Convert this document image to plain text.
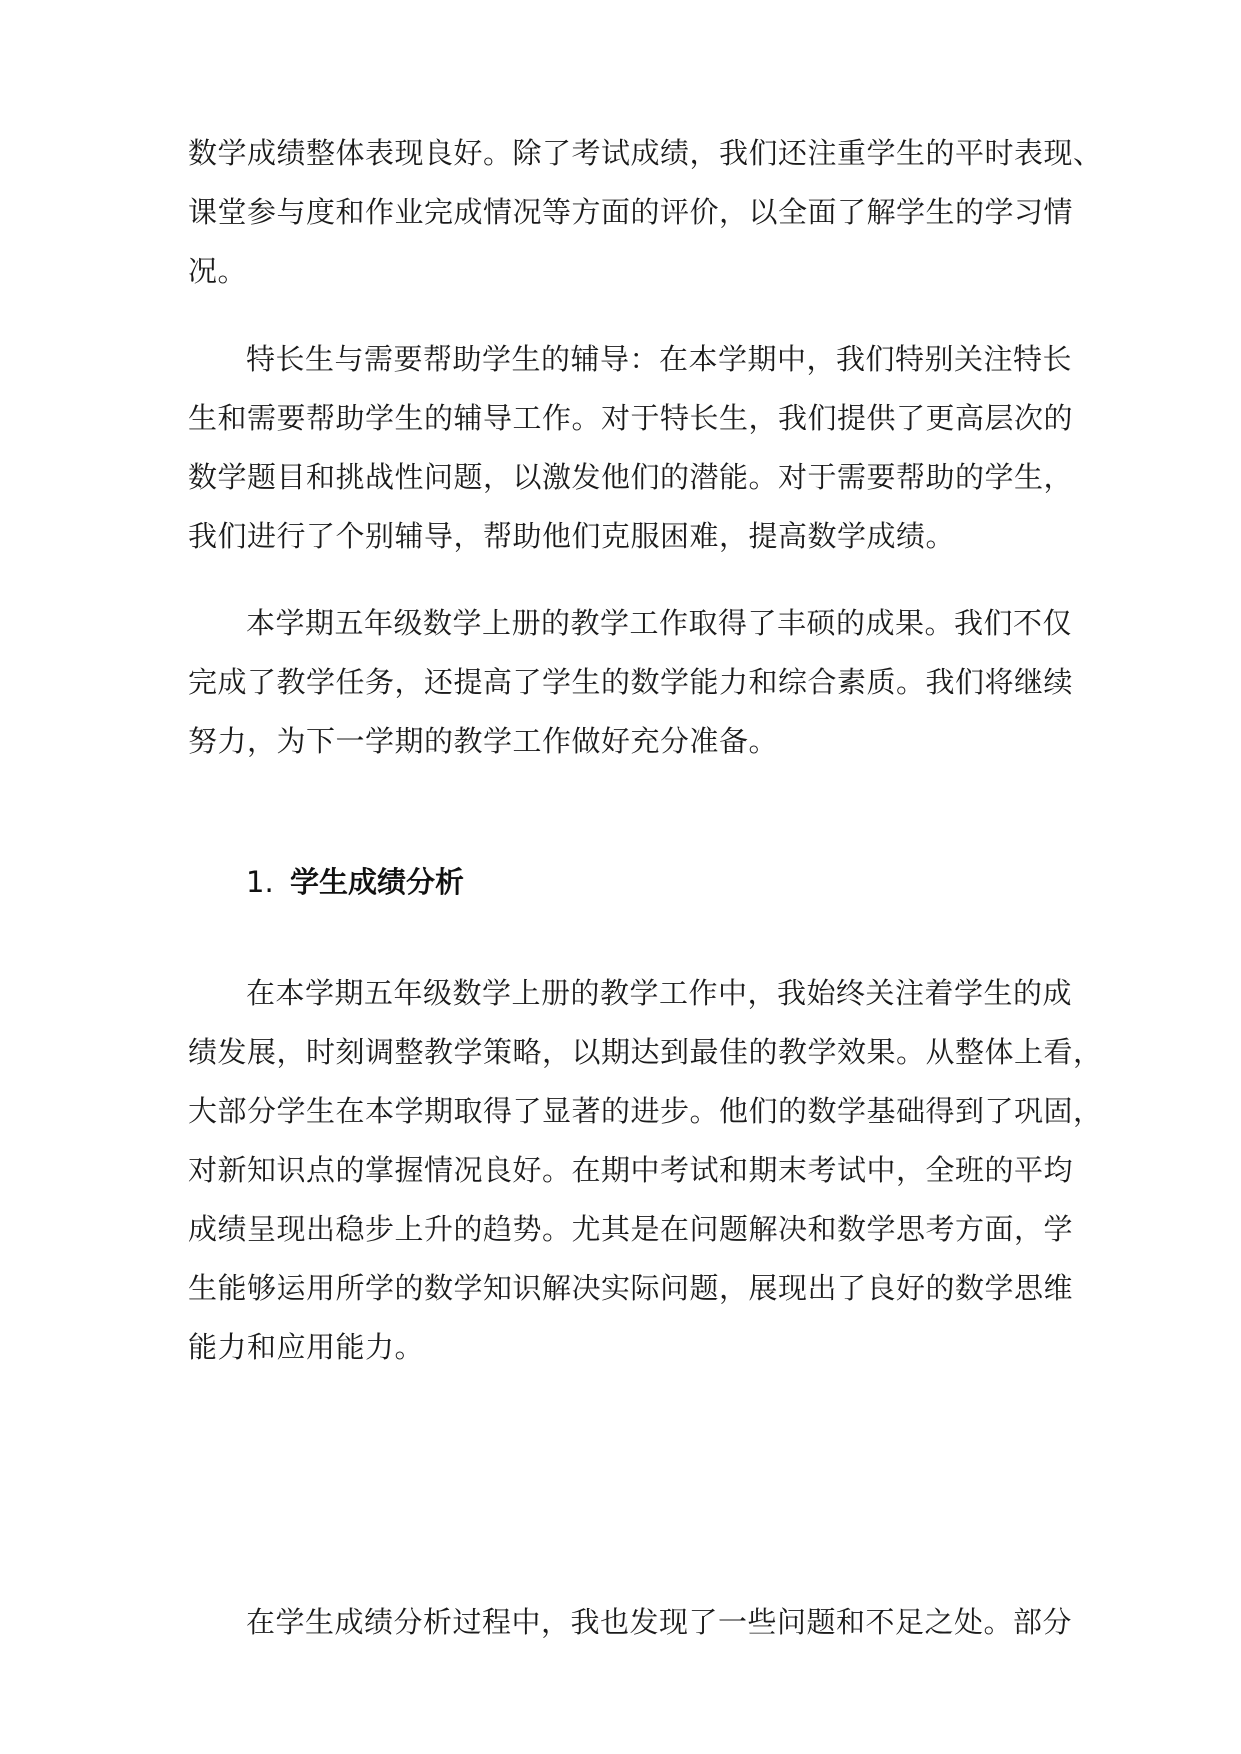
数学成绩整体表现良好。除了考试成绩，我们还注重学生的平时表现、
课堂参与度和作业完成情况等方面的评价，以全面了解学生的学习情
况。
特长生与需要帮助学生的辅导：在本学期中，我们特别关注特长
生和需要帮助学生的辅导工作。对于特长生，我们提供了更高层次的
数学题目和挑战性问题，以激发他们的潜能。对于需要帮助的学生，
我们进行了个别辅导，帮助他们克服困难，提高数学成绩。
本学期五年级数学上册的教学工作取得了丰硕的成果。我们不仅
完成了教学任务，还提高了学生的数学能力和综合素质。我们将继续
努力，为下一学期的教学工作做好充分准备。
1. 学生成绩分析
在本学期五年级数学上册的教学工作中，我始终关注着学生的成
绩发展，时刻调整教学策略，以期达到最佳的教学效果。从整体上看，
大部分学生在本学期取得了显著的进步。他们的数学基础得到了巩固，
对新知识点的掌握情况良好。在期中考试和期末考试中，全班的平均
成绩呈现出稳步上升的趋势。尤其是在问题解决和数学思考方面，学
生能够运用所学的数学知识解决实际问题，展现出了良好的数学思维
能力和应用能力。
在学生成绩分析过程中，我也发现了一些问题和不足之处。部分
